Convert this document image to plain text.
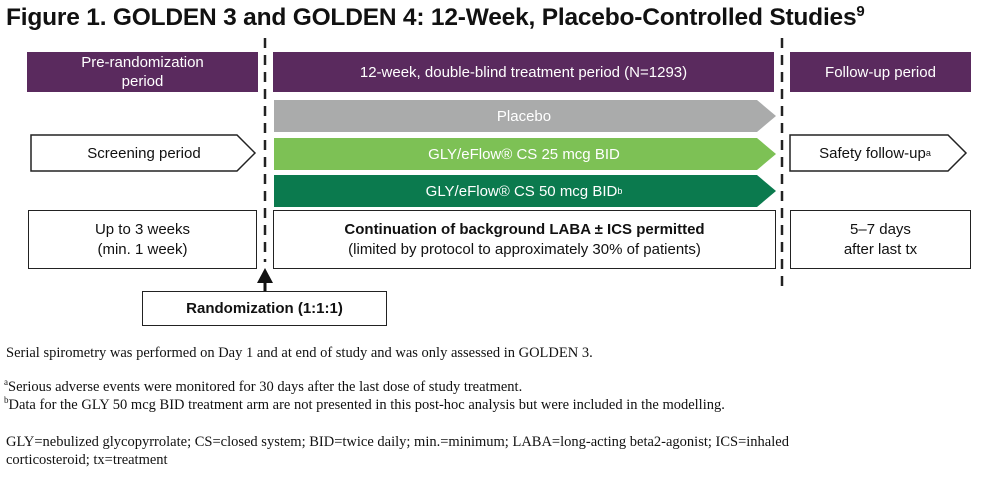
Figure 1. GOLDEN 3 and GOLDEN 4: 12-Week, Placebo-Controlled Studies$^9$
Pre-randomization period
12-week, double-blind treatment period (N=1293)	Follow-up period
Screening period	Safety follow-up a
Placebo
GLY/eFlow® CS 25 mcg BID
GLY/eFlow® CS 50 mcg BID b
Up to 3 weeks
(min. 1 week)
Continuation of background LABA ± ICS permitted
(limited by protocol to approximately 30% of patients)
5–7 days
after last tx
Randomization (1:1:1)
Serial spirometry was performed on Day 1 and at end of study and was only assessed in GOLDEN 3.
$^a$Serious adverse events were monitored for 30 days after the last dose of study treatment.
$^b$Data for the GLY 50 mcg BID treatment arm are not presented in this post-hoc analysis but were included in the modelling.
GLY=nebulized glycopyrrolate; CS=closed system; BID=twice daily; min.=minimum; LABA=long-acting beta2-agonist; ICS=inhaled
corticosteroid; tx=treatment
